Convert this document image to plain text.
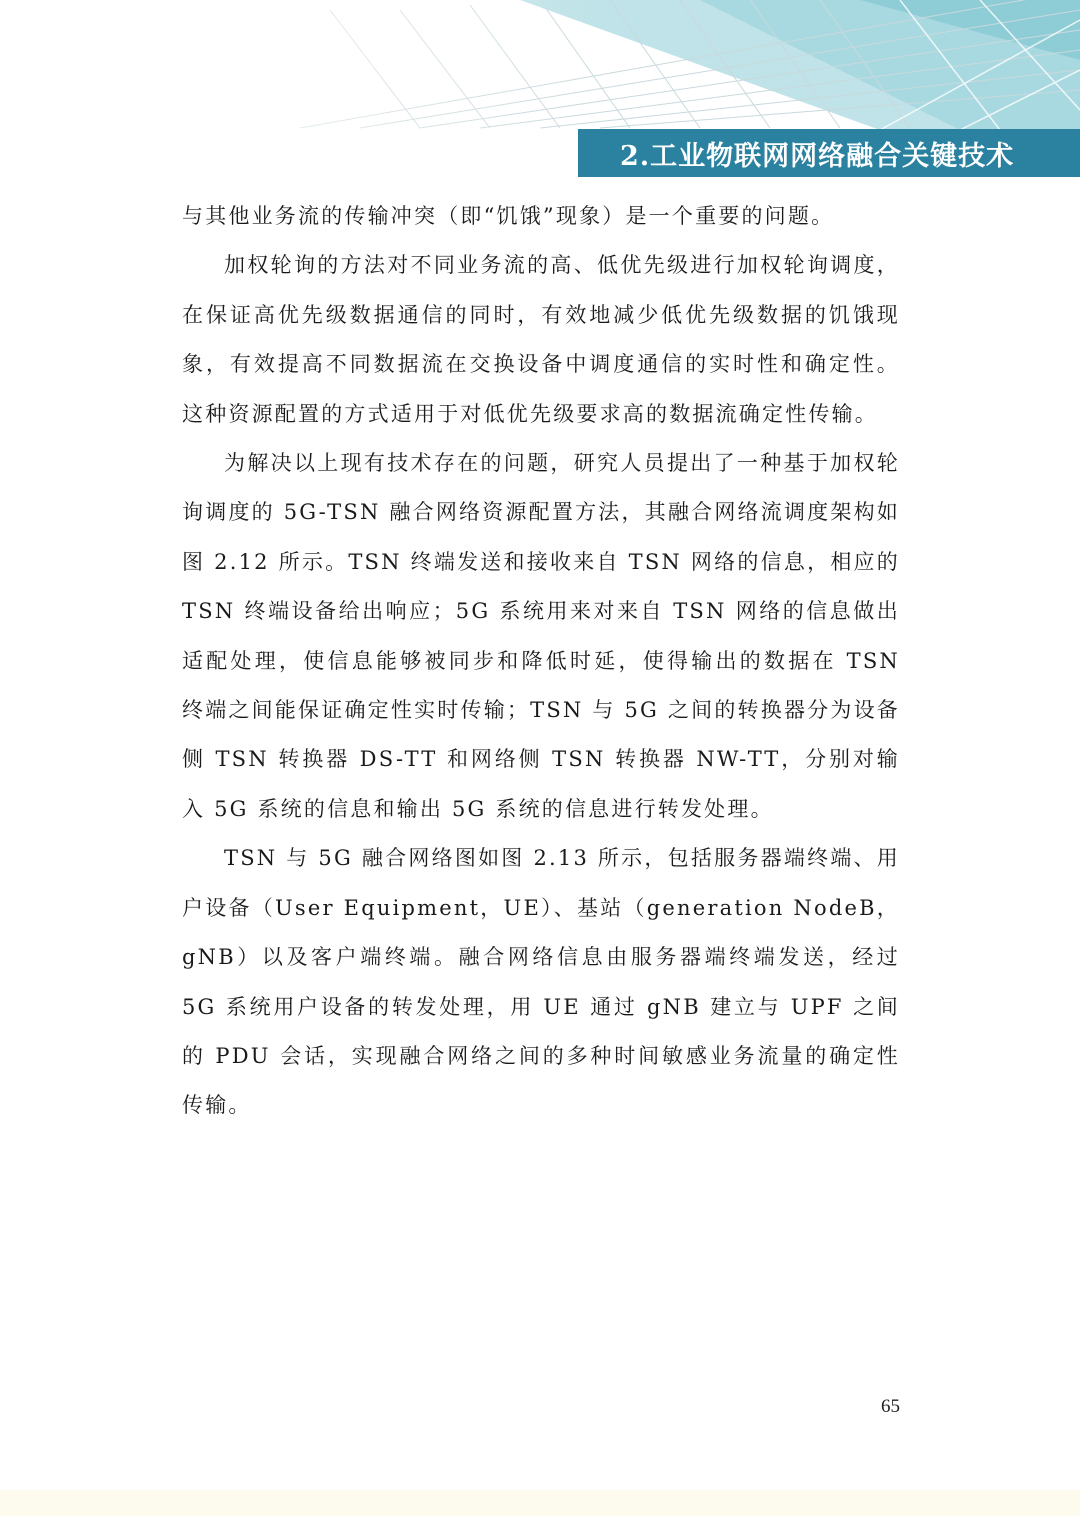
2.工业物联网网络融合关键技术

与其他业务流的传输冲突（即“饥饿”现象）是一个重要的问题。

加权轮询的方法对不同业务流的高、低优先级进行加权轮询调度，在保证高优先级数据通信的同时，有效地减少低优先级数据的饥饿现象，有效提高不同数据流在交换设备中调度通信的实时性和确定性。这种资源配置的方式适用于对低优先级要求高的数据流确定性传输。

为解决以上现有技术存在的问题，研究人员提出了一种基于加权轮询调度的 5G-TSN 融合网络资源配置方法，其融合网络流调度架构如图 2.12 所示。TSN 终端发送和接收来自 TSN 网络的信息，相应的 TSN 终端设备给出响应；5G 系统用来对来自 TSN 网络的信息做出适配处理，使信息能够被同步和降低时延，使得输出的数据在 TSN 终端之间能保证确定性实时传输；TSN 与 5G 之间的转换器分为设备侧 TSN 转换器 DS-TT 和网络侧 TSN 转换器 NW-TT，分别对输入 5G 系统的信息和输出 5G 系统的信息进行转发处理。

TSN 与 5G 融合网络图如图 2.13 所示，包括服务器端终端、用户设备（User Equipment，UE）、基站（generation NodeB，gNB）以及客户端终端。融合网络信息由服务器端终端发送，经过 5G 系统用户设备的转发处理，用 UE 通过 gNB 建立与 UPF 之间的 PDU 会话，实现融合网络之间的多种时间敏感业务流量的确定性传输。

65
